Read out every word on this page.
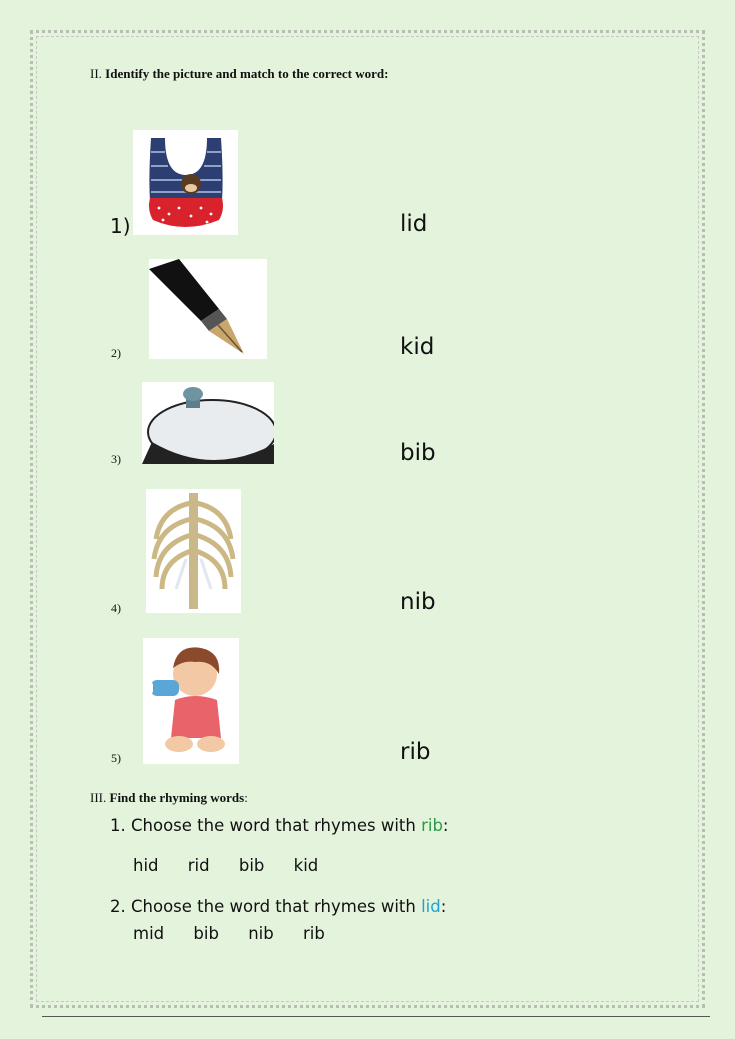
II. Identify the picture and match to the correct word:
1)	lid
2)	kid
3)	bib
4)	nib
5)	rib
III. Find the rhyming words:
1. Choose the word that rhymes with rib:
hid rid bib kid
2. Choose the word that rhymes with lid:
mid bib nib rib
